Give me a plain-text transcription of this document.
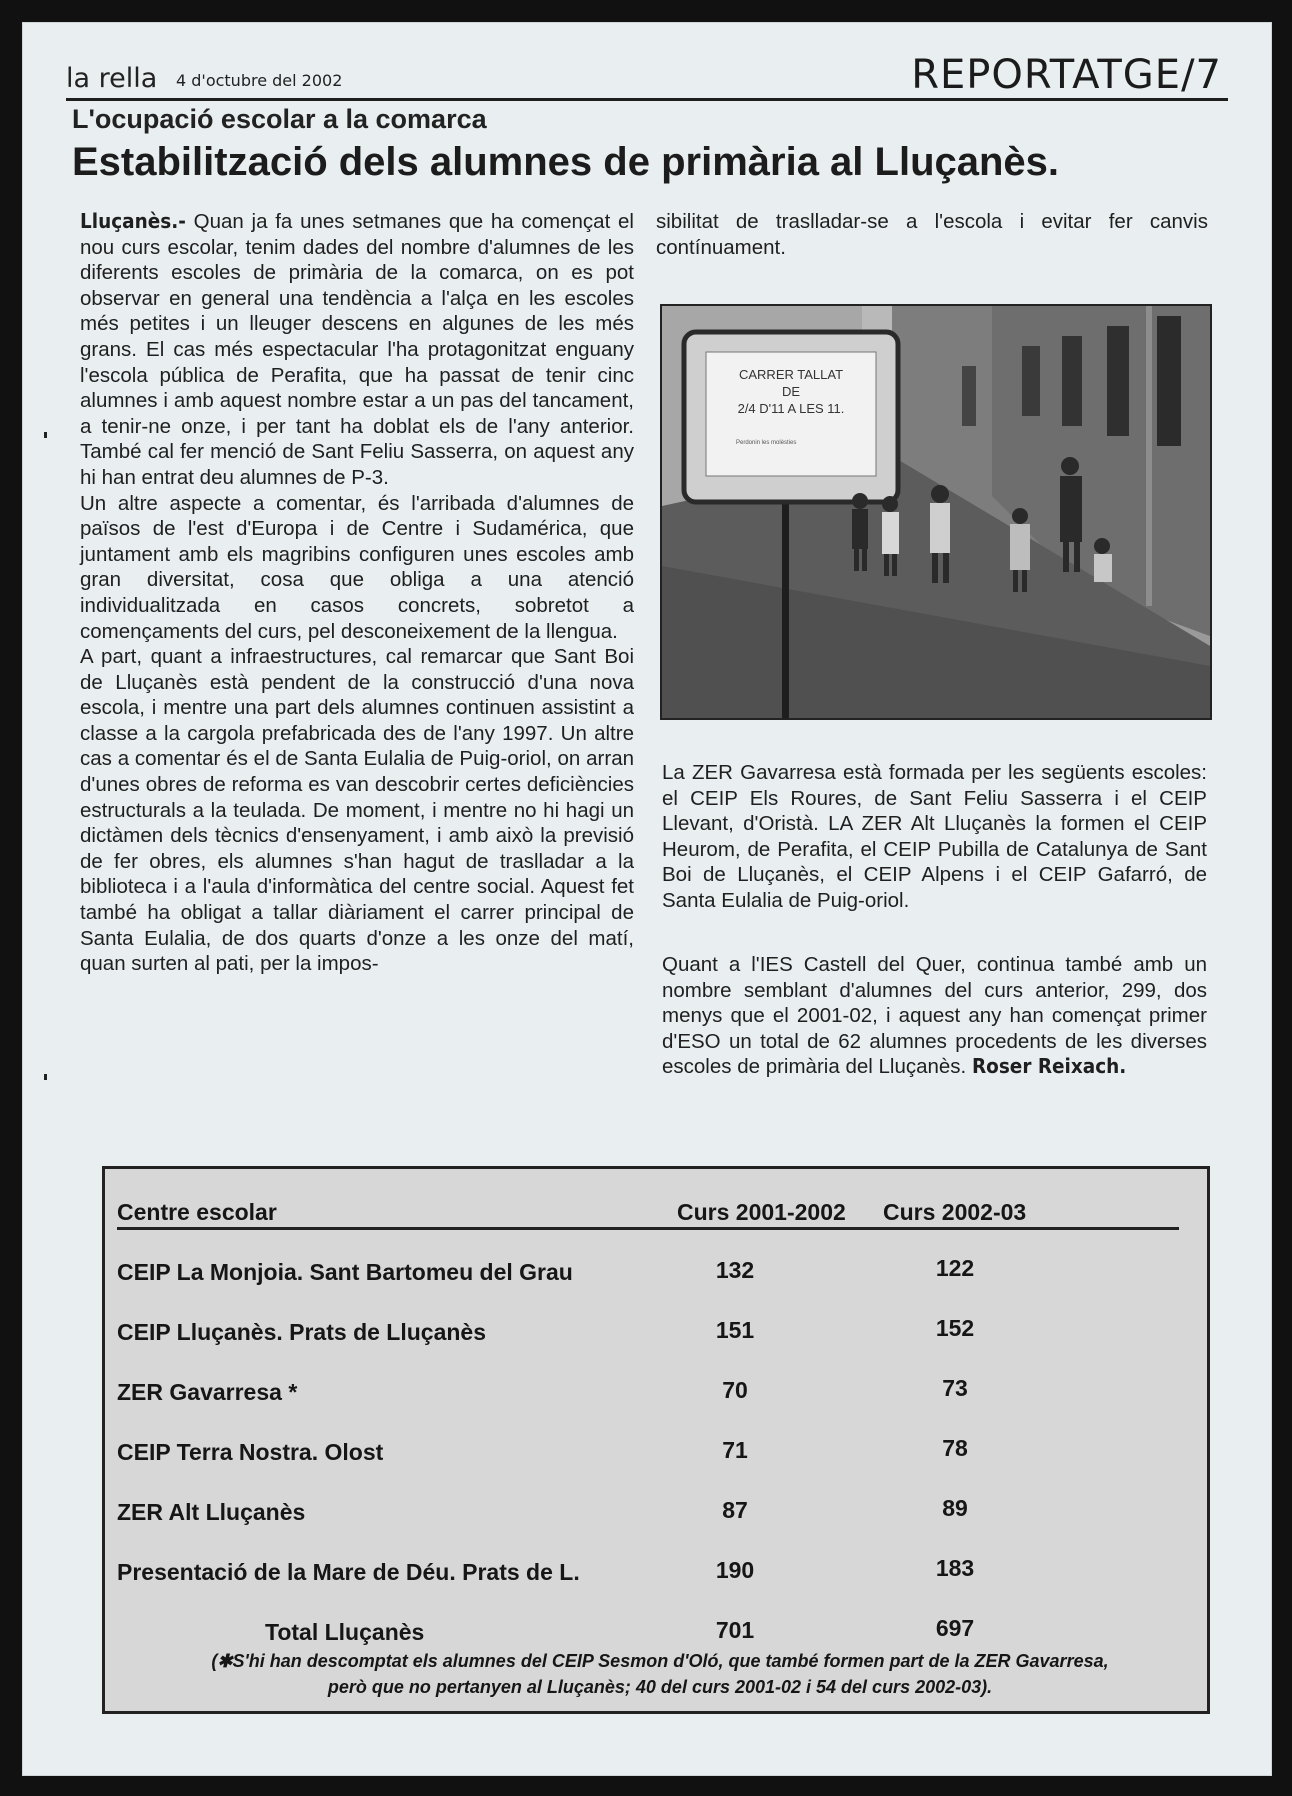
la rella 4 d'octubre del 2002	REPORTATGE/7
L'ocupació escolar a la comarca
Estabilització dels alumnes de primària al Lluçanès.

Lluçanès.- Quan ja fa unes setmanes que ha començat el nou curs escolar, tenim dades del nombre d'alumnes de les diferents escoles de primària de la comarca, on es pot observar en general una tendència a l'alça en les escoles més petites i un lleuger descens en algunes de les més grans. El cas més espectacular l'ha protagonitzat enguany l'escola pública de Perafita, que ha passat de tenir cinc alumnes i amb aquest nombre estar a un pas del tancament, a tenir-ne onze, i per tant ha doblat els de l'any anterior. També cal fer menció de Sant Feliu Sasserra, on aquest any hi han entrat deu alumnes de P-3.

Un altre aspecte a comentar, és l'arribada d'alumnes de països de l'est d'Europa i de Centre i Sudamérica, que juntament amb els magribins configuren unes escoles amb gran diversitat, cosa que obliga a una atenció individualitzada en casos concrets, sobretot a començaments del curs, pel desconeixement de la llengua.

A part, quant a infraestructures, cal remarcar que Sant Boi de Lluçanès està pendent de la construcció d'una nova escola, i mentre una part dels alumnes continuen assistint a classe a la cargola prefabricada des de l'any 1997. Un altre cas a comentar és el de Santa Eulalia de Puig-oriol, on arran d'unes obres de reforma es van descobrir certes deficiències estructurals a la teulada. De moment, i mentre no hi hagi un dictàmen dels tècnics d'ensenyament, i amb això la previsió de fer obres, els alumnes s'han hagut de traslladar a la biblioteca i a l'aula d'informàtica del centre social. Aquest fet també ha obligat a tallar diàriament el carrer principal de Santa Eulalia, de dos quarts d'onze a les onze del matí, quan surten al pati, per la impos-

sibilitat de traslladar-se a l'escola i evitar fer canvis contínuament.

CARRER TALLAT
DE
2/4 D'11 A LES 11.
Perdonin les molèsties

La ZER Gavarresa està formada per les següents escoles: el CEIP Els Roures, de Sant Feliu Sasserra i el CEIP Llevant, d'Oristà. LA ZER Alt Lluçanès la formen el CEIP Heurom, de Perafita, el CEIP Pubilla de Catalunya de Sant Boi de Lluçanès, el CEIP Alpens i el CEIP Gafarró, de Santa Eulalia de Puig-oriol.

Quant a l'IES Castell del Quer, continua també amb un nombre semblant d'alumnes del curs anterior, 299, dos menys que el 2001-02, i aquest any han començat primer d'ESO un total de 62 alumnes procedents de les diverses escoles de primària del Lluçanès. Roser Reixach.

Centre escolar	Curs 2001-2002 Curs 2002-03
CEIP La Monjoia. Sant Bartomeu del Grau	132	122
CEIP Lluçanès. Prats de Lluçanès	151	152
ZER Gavarresa *	70	73
CEIP Terra Nostra. Olost	71	78
ZER Alt Lluçanès	87	89
Presentació de la Mare de Déu. Prats de L.	190	183
Total Lluçanès	701	697
(✱S'hi han descomptat els alumnes del CEIP Sesmon d'Oló, que també formen part de la ZER Gavarresa,
però que no pertanyen al Lluçanès; 40 del curs 2001-02 i 54 del curs 2002-03).
